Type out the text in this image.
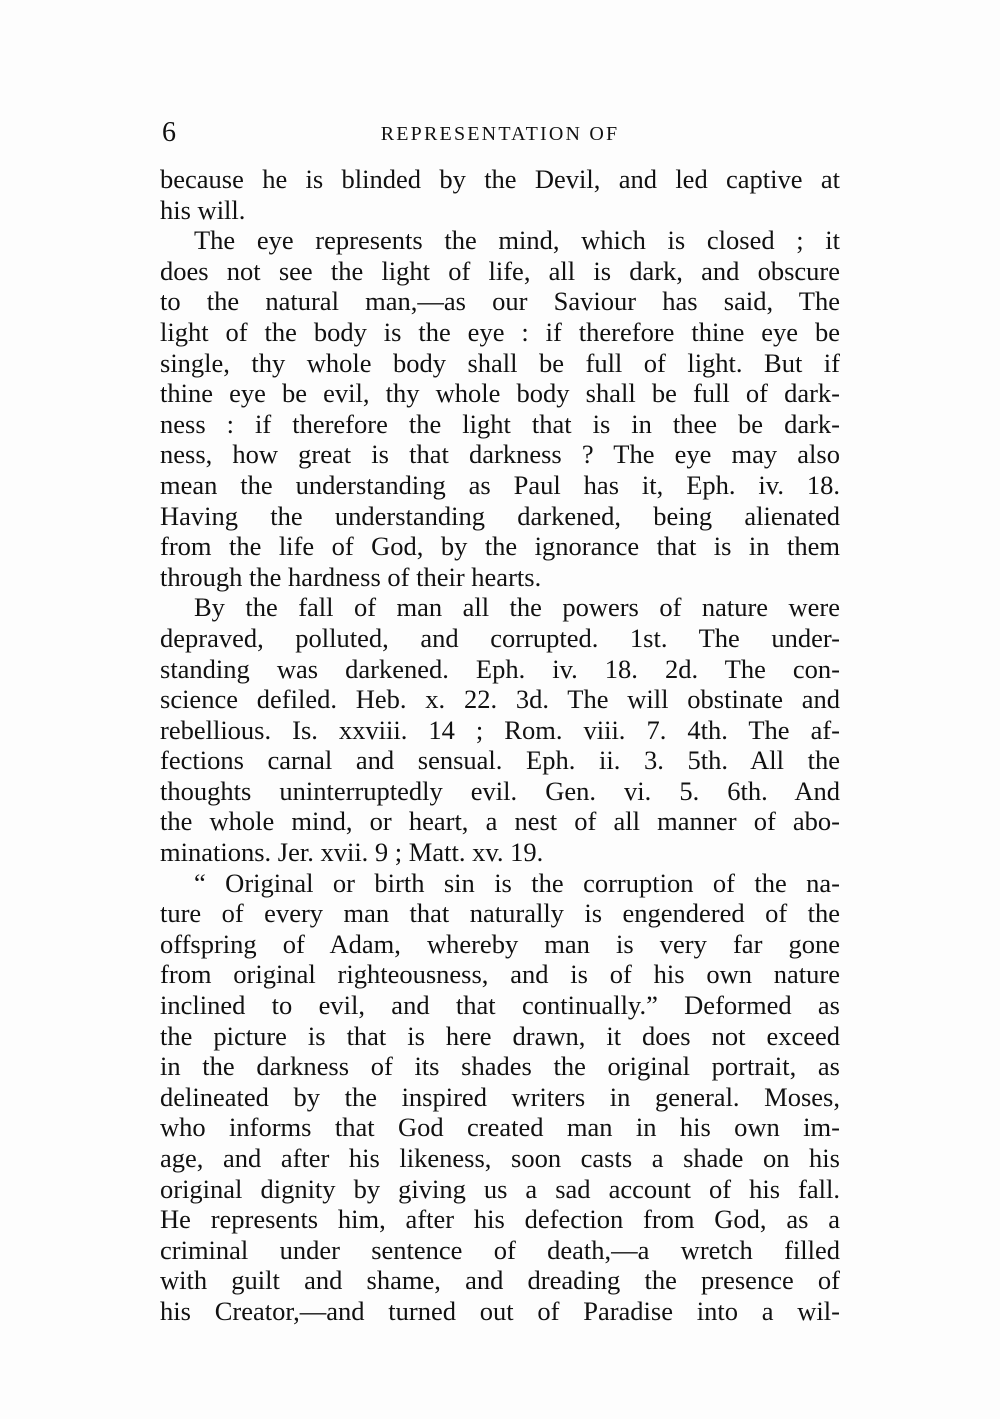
6	REPRESENTATION OF
because he is blinded by the Devil, and led captive at
his will.
The eye represents the mind, which is closed ; it
does not see the light of life, all is dark, and obscure
to the natural man,—as our Saviour has said, The
light of the body is the eye : if therefore thine eye be
single, thy whole body shall be full of light. But if
thine eye be evil, thy whole body shall be full of dark-
ness : if therefore the light that is in thee be dark-
ness, how great is that darkness ? The eye may also
mean the understanding as Paul has it, Eph. iv. 18.
Having the understanding darkened, being alienated
from the life of God, by the ignorance that is in them
through the hardness of their hearts.
By the fall of man all the powers of nature were
depraved, polluted, and corrupted. 1st. The under-
standing was darkened. Eph. iv. 18. 2d. The con-
science defiled. Heb. x. 22. 3d. The will obstinate and
rebellious. Is. xxviii. 14 ; Rom. viii. 7. 4th. The af-
fections carnal and sensual. Eph. ii. 3. 5th. All the
thoughts uninterruptedly evil. Gen. vi. 5. 6th. And
the whole mind, or heart, a nest of all manner of abo-
minations. Jer. xvii. 9 ; Matt. xv. 19.
“ Original or birth sin is the corruption of the na-
ture of every man that naturally is engendered of the
offspring of Adam, whereby man is very far gone
from original righteousness, and is of his own nature
inclined to evil, and that continually.” Deformed as
the picture is that is here drawn, it does not exceed
in the darkness of its shades the original portrait, as
delineated by the inspired writers in general. Moses,
who informs that God created man in his own im-
age, and after his likeness, soon casts a shade on his
original dignity by giving us a sad account of his fall.
He represents him, after his defection from God, as a
criminal under sentence of death,—a wretch filled
with guilt and shame, and dreading the presence of
his Creator,—and turned out of Paradise into a wil-
